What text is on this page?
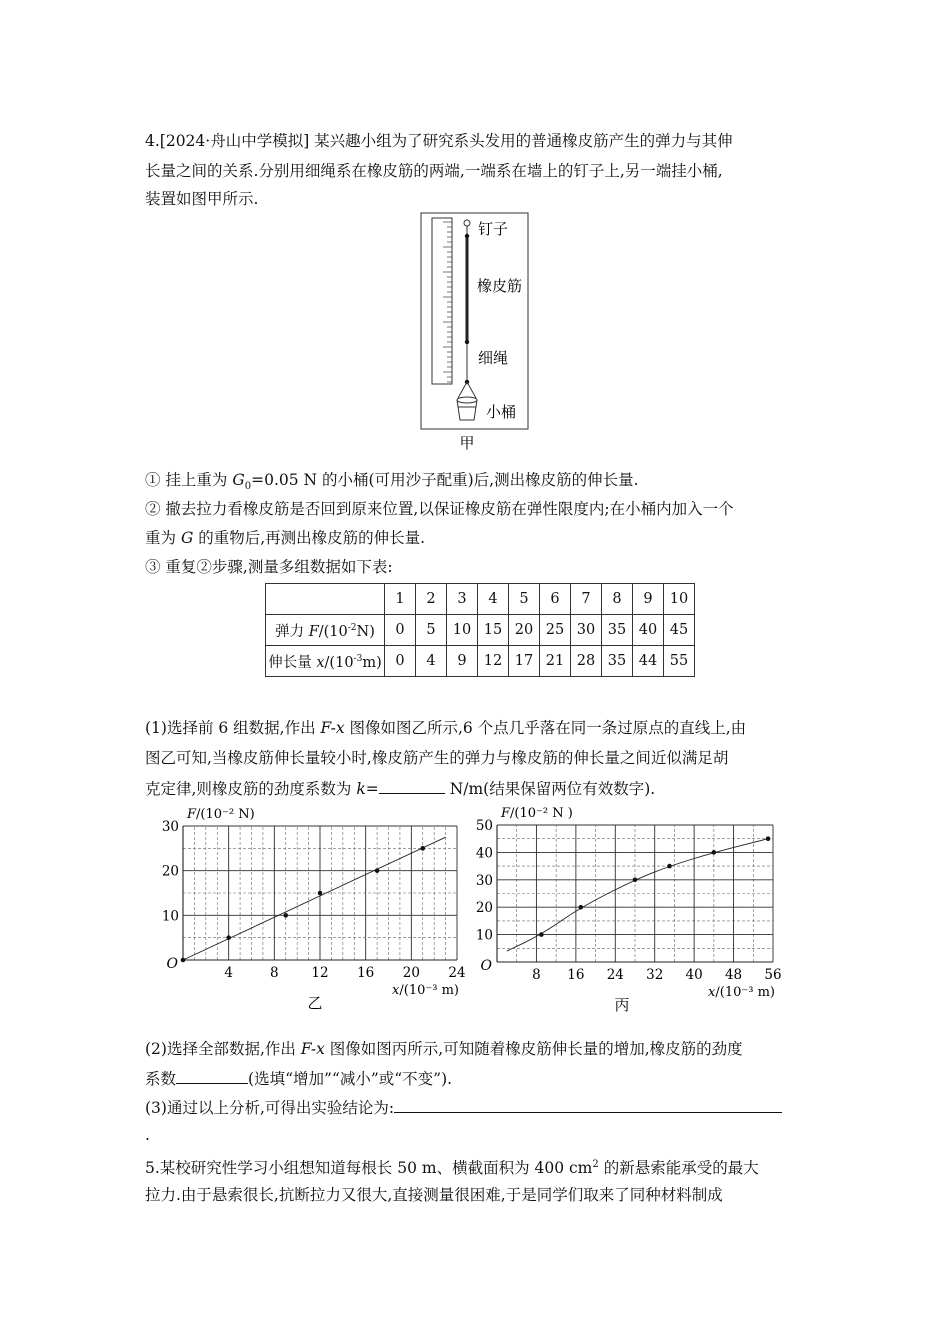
4.[2024·舟山中学模拟] 某兴趣小组为了研究系头发用的普通橡皮筋产生的弹力与其伸
长量之间的关系.分别用细绳系在橡皮筋的两端,一端系在墙上的钉子上,另一端挂小桶,
装置如图甲所示.
钉子
橡皮筋
细绳
小桶
甲
① 挂上重为 $G_0=0.05$ N 的小桶(可用沙子配重)后,测出橡皮筋的伸长量.
② 撤去拉力看橡皮筋是否回到原来位置,以保证橡皮筋在弹性限度内;在小桶内加入一个
重为 G 的重物后,再测出橡皮筋的伸长量.
③ 重复②步骤,测量多组数据如下表:
	1	2	3	4	5	6	7	8	9	10
弹力 $F/(10^{-2}N)$	0	5	10	15	20	25	30	35	40	45
伸长量 $x/(10^{-3}m)$	0	4	9	12	17	21	28	35	44	55
(1)选择前 6 组数据,作出 F-x 图像如图乙所示,6 个点几乎落在同一条过原点的直线上,由
图乙可知,当橡皮筋伸长量较小时,橡皮筋产生的弹力与橡皮筋的伸长量之间近似满足胡
克定律,则橡皮筋的劲度系数为 k=	N/m(结果保留两位有效数字).
4	8 12 16 20 24
10
20
30
O
F/(10⁻² N)
x/(10⁻³ m)
乙
8 16 24 32 40 48 56
10
20
30
40
50
O
F/(10⁻² N )
x/(10⁻³ m)
丙
(2)选择全部数据,作出 F-x 图像如图丙所示,可知随着橡皮筋伸长量的增加,橡皮筋的劲度
系数	(选填“增加”“减小”或“不变”).
(3)通过以上分析,可得出实验结论为:
.
5.某校研究性学习小组想知道每根长 50 m、横截面积为 400 $cm^2$ 的新悬索能承受的最大
拉力.由于悬索很长,抗断拉力又很大,直接测量很困难,于是同学们取来了同种材料制成
